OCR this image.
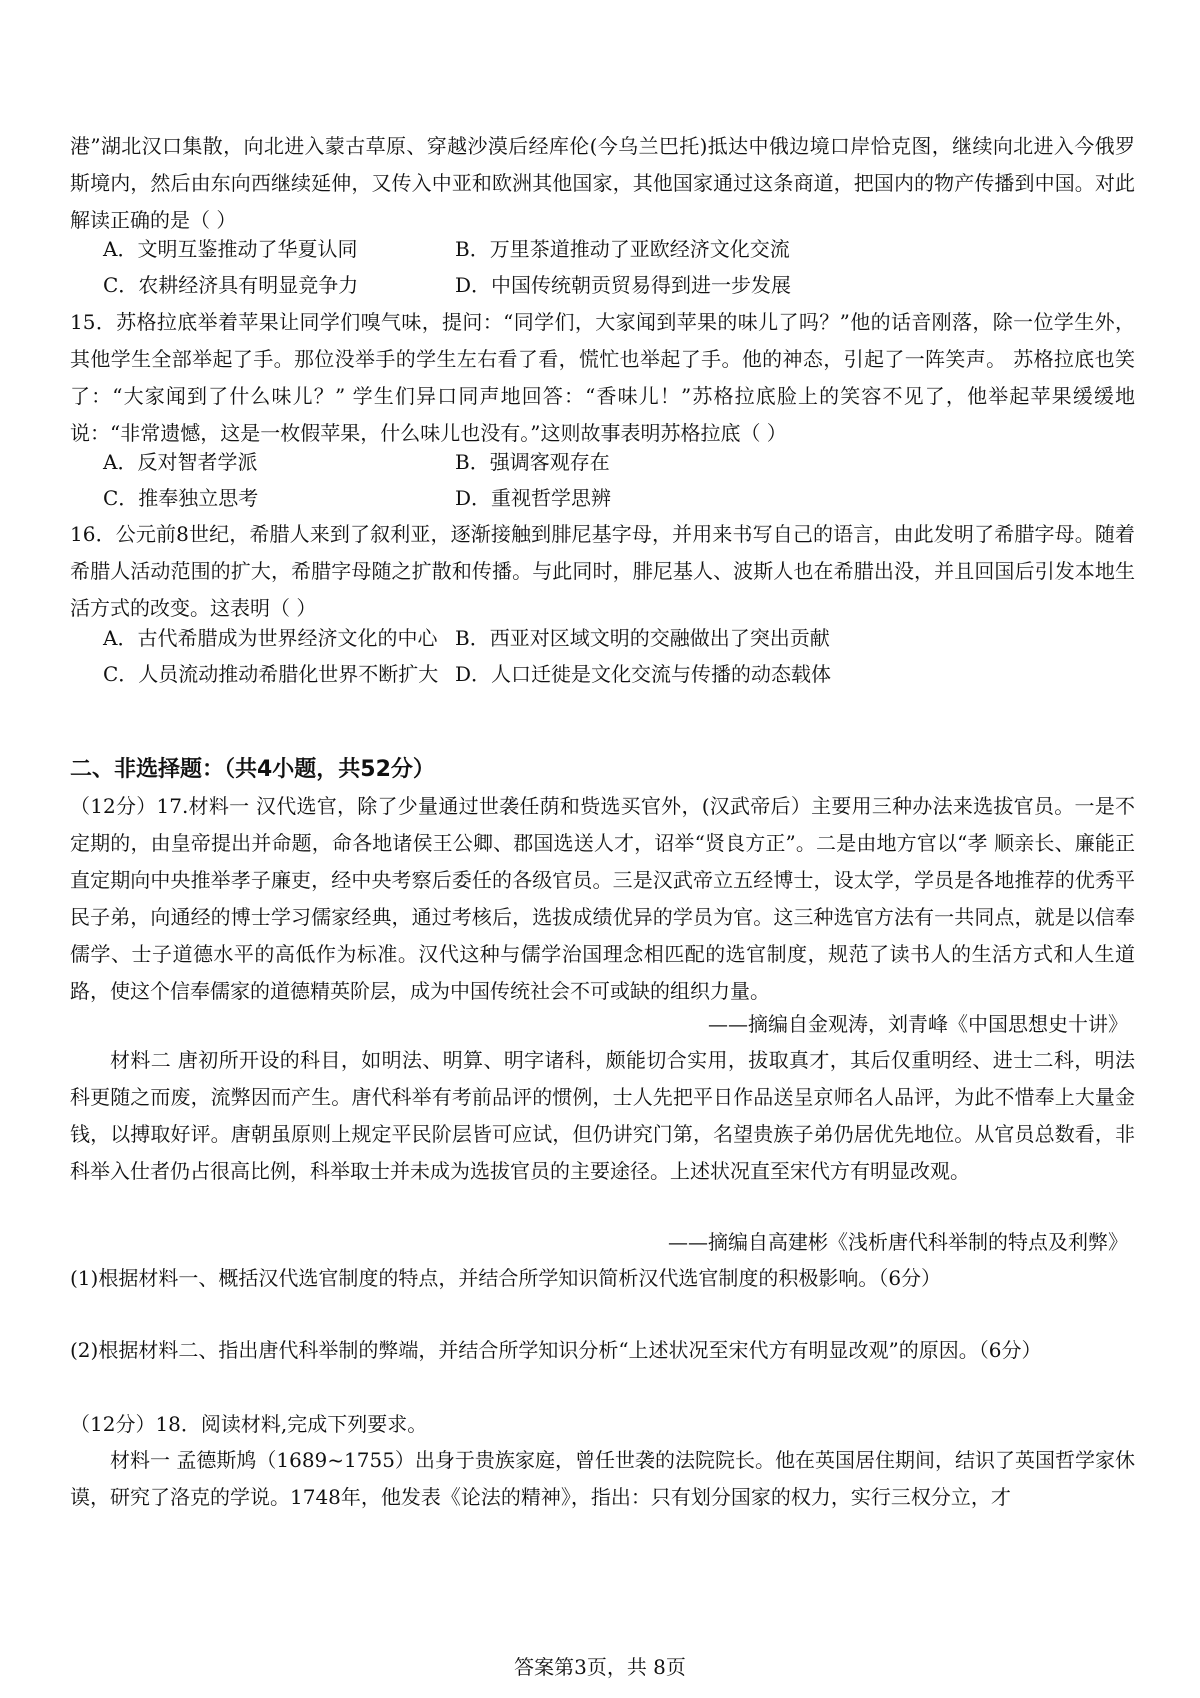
港”湖北汉口集散，向北进入蒙古草原、穿越沙漠后经库伦(今乌兰巴托)抵达中俄边境口岸恰克图，继续向北进入今俄罗斯境内，然后由东向西继续延伸，又传入中亚和欧洲其他国家，其他国家通过这条商道，把国内的物产传播到中国。对此解读正确的是（ ）
A．文明互鉴推动了华夏认同	B．万里茶道推动了亚欧经济文化交流
C．农耕经济具有明显竞争力	D．中国传统朝贡贸易得到进一步发展
15．苏格拉底举着苹果让同学们嗅气味，提问：“同学们，大家闻到苹果的味儿了吗？”他的话音刚落，除一位学生外，其他学生全部举起了手。那位没举手的学生左右看了看，慌忙也举起了手。他的神态，引起了一阵笑声。 苏格拉底也笑了：“大家闻到了什么味儿？” 学生们异口同声地回答：“香味儿！”苏格拉底脸上的笑容不见了，他举起苹果缓缓地说：“非常遗憾，这是一枚假苹果，什么味儿也没有。”这则故事表明苏格拉底（ ）
A．反对智者学派	B．强调客观存在
C．推奉独立思考	D．重视哲学思辨
16．公元前8世纪，希腊人来到了叙利亚，逐渐接触到腓尼基字母，并用来书写自己的语言，由此发明了希腊字母。随着希腊人活动范围的扩大，希腊字母随之扩散和传播。与此同时，腓尼基人、波斯人也在希腊出没，并且回国后引发本地生活方式的改变。这表明（ ）
A．古代希腊成为世界经济文化的中心 B．西亚对区域文明的交融做出了突出贡献
C．人员流动推动希腊化世界不断扩大 D．人口迁徙是文化交流与传播的动态载体
二、非选择题：（共4小题，共52分）
（12分）17.材料一 汉代选官，除了少量通过世袭任荫和赀选买官外，(汉武帝后）主要用三种办法来选拔官员。一是不定期的，由皇帝提出并命题，命各地诸侯王公卿、郡国选送人才，诏举“贤良方正”。二是由地方官以“孝 顺亲长、廉能正直定期向中央推举孝子廉吏，经中央考察后委任的各级官员。三是汉武帝立五经博士，设太学，学员是各地推荐的优秀平民子弟，向通经的博士学习儒家经典，通过考核后，选拔成绩优异的学员为官。这三种选官方法有一共同点，就是以信奉儒学、士子道德水平的高低作为标准。汉代这种与儒学治国理念相匹配的选官制度，规范了读书人的生活方式和人生道路，使这个信奉儒家的道德精英阶层，成为中国传统社会不可或缺的组织力量。
——摘编自金观涛，刘青峰《中国思想史十讲》
材料二 唐初所开设的科目，如明法、明算、明字诸科，颇能切合实用，拔取真才，其后仅重明经、进士二科，明法科更随之而废，流弊因而产生。唐代科举有考前品评的惯例，士人先把平日作品送呈京师名人品评，为此不惜奉上大量金钱，以搏取好评。唐朝虽原则上规定平民阶层皆可应试，但仍讲究门第，名望贵族子弟仍居优先地位。从官员总数看，非科举入仕者仍占很高比例，科举取士并未成为选拔官员的主要途径。上述状况直至宋代方有明显改观。
——摘编自高建彬《浅析唐代科举制的特点及利弊》
(1)根据材料一、概括汉代选官制度的特点，并结合所学知识简析汉代选官制度的积极影响。（6分）
(2)根据材料二、指出唐代科举制的弊端，并结合所学知识分析“上述状况至宋代方有明显改观”的原因。（6分）
（12分）18．阅读材料,完成下列要求。
材料一 孟德斯鸠（1689~1755）出身于贵族家庭，曾任世袭的法院院长。他在英国居住期间，结识了英国哲学家休谟，研究了洛克的学说。1748年，他发表《论法的精神》，指出：只有划分国家的权力，实行三权分立，才
答案第3页，共 8页
